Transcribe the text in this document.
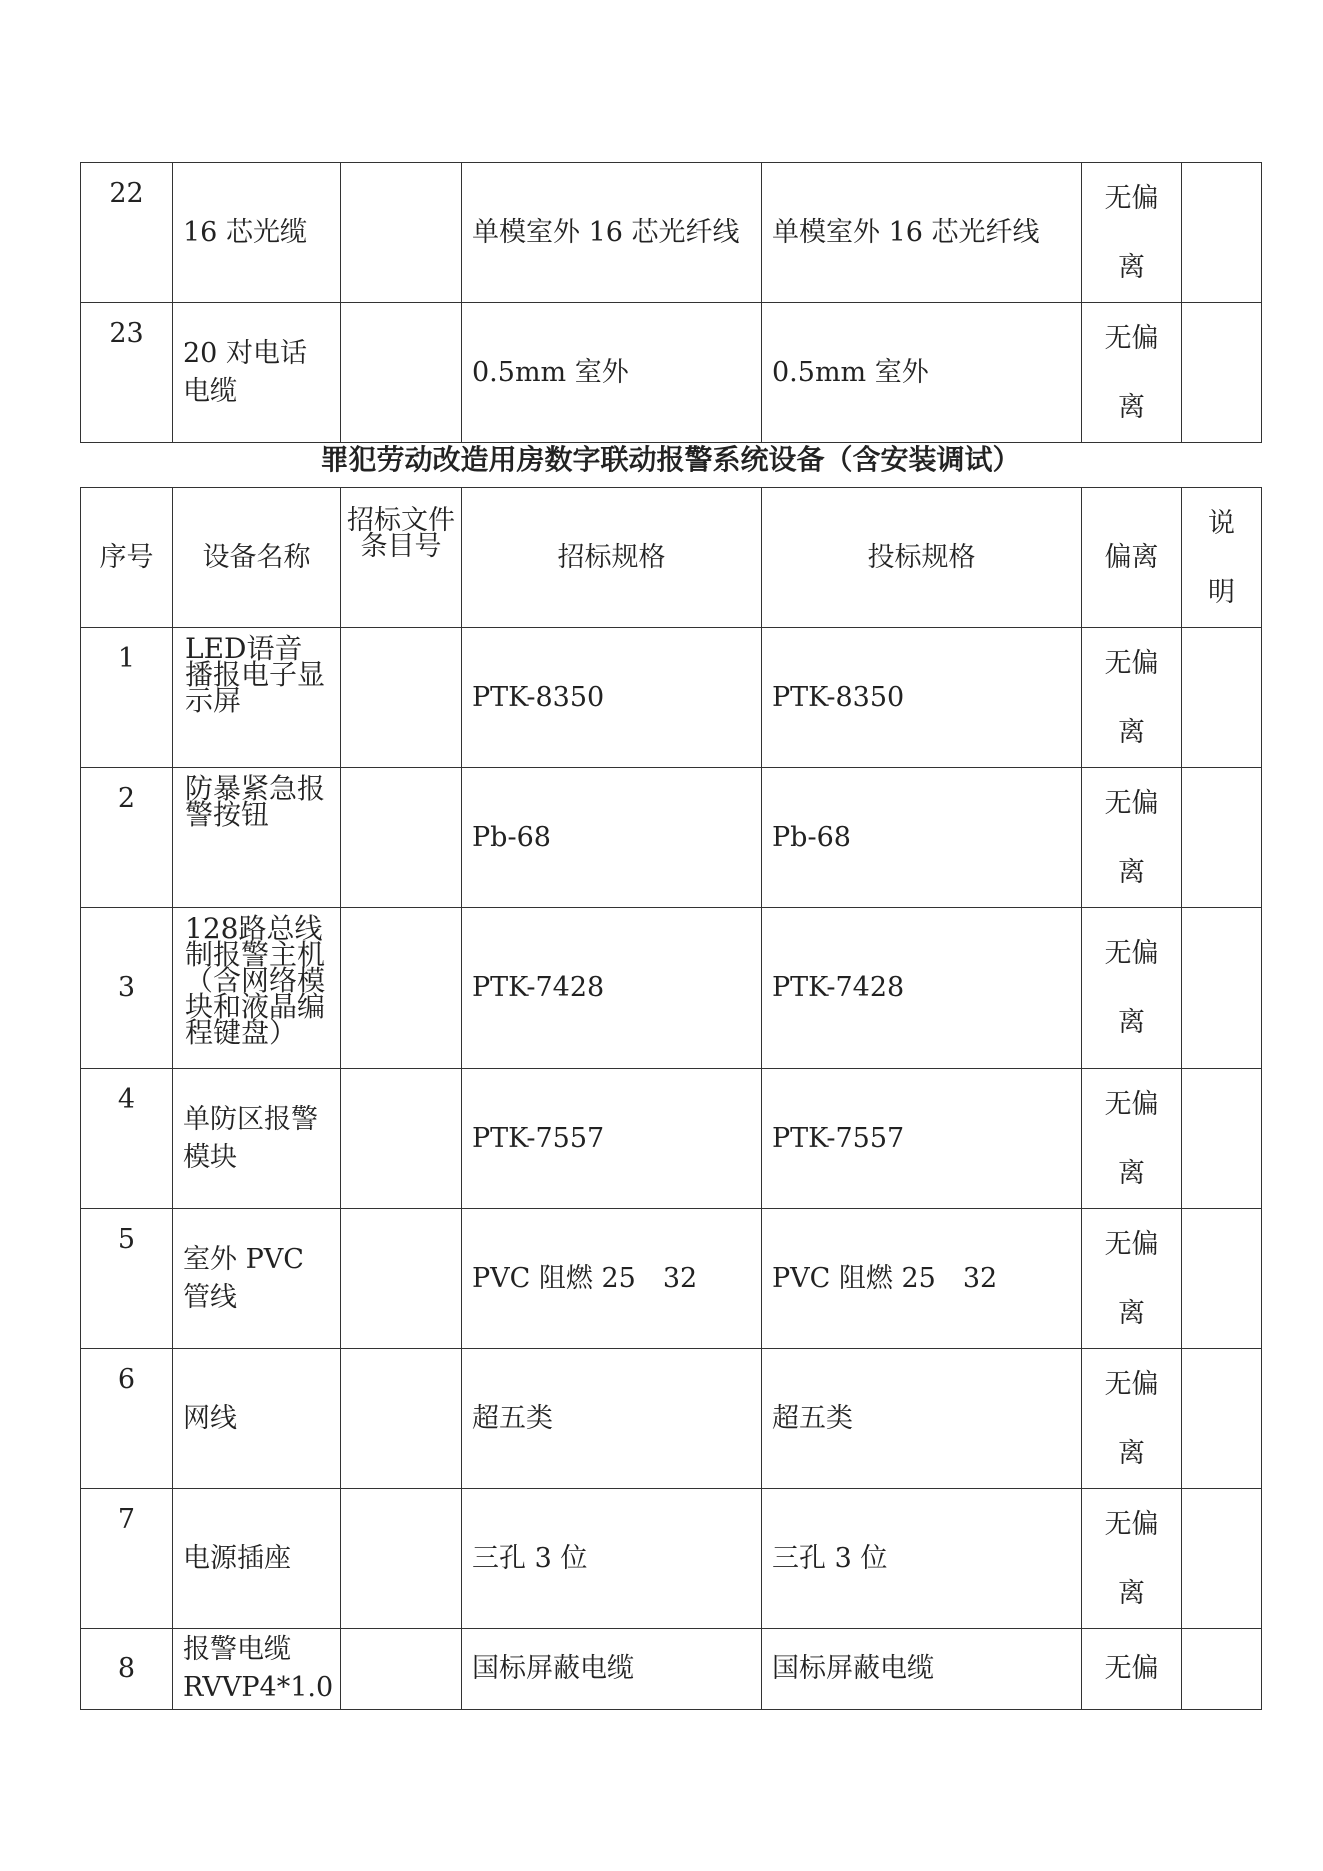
22	16 芯光缆		单模室外 16 芯光纤线	单模室外 16 芯光纤线	无偏
离	

23	20 对电话电缆		0.5mm 室外	0.5mm 室外	无偏
离	

罪犯劳动改造用房数字联动报警系统设备（含安装调试）
序号	设备名称	招标文件条目号	招标规格	投标规格	偏离	说
明

1	LED语音播报电子显示屏		PTK-8350	PTK-8350	无偏
离	

2	防暴紧急报警按钮		Pb-68	Pb-68	无偏
离	

3	128路总线制报警主机（含网络模块和液晶编程键盘）		PTK-7428	PTK-7428	无偏
离	

4	单防区报警模块		PTK-7557	PTK-7557	无偏
离	

5	室外 PVC 管线		PVC 阻燃 25　32	PVC 阻燃 25　32	无偏
离	

6	网线		超五类	超五类	无偏
离	

7	电源插座		三孔 3 位	三孔 3 位	无偏
离	

8	报警电缆 RVVP4*1.0		国标屏蔽电缆	国标屏蔽电缆	无偏	
